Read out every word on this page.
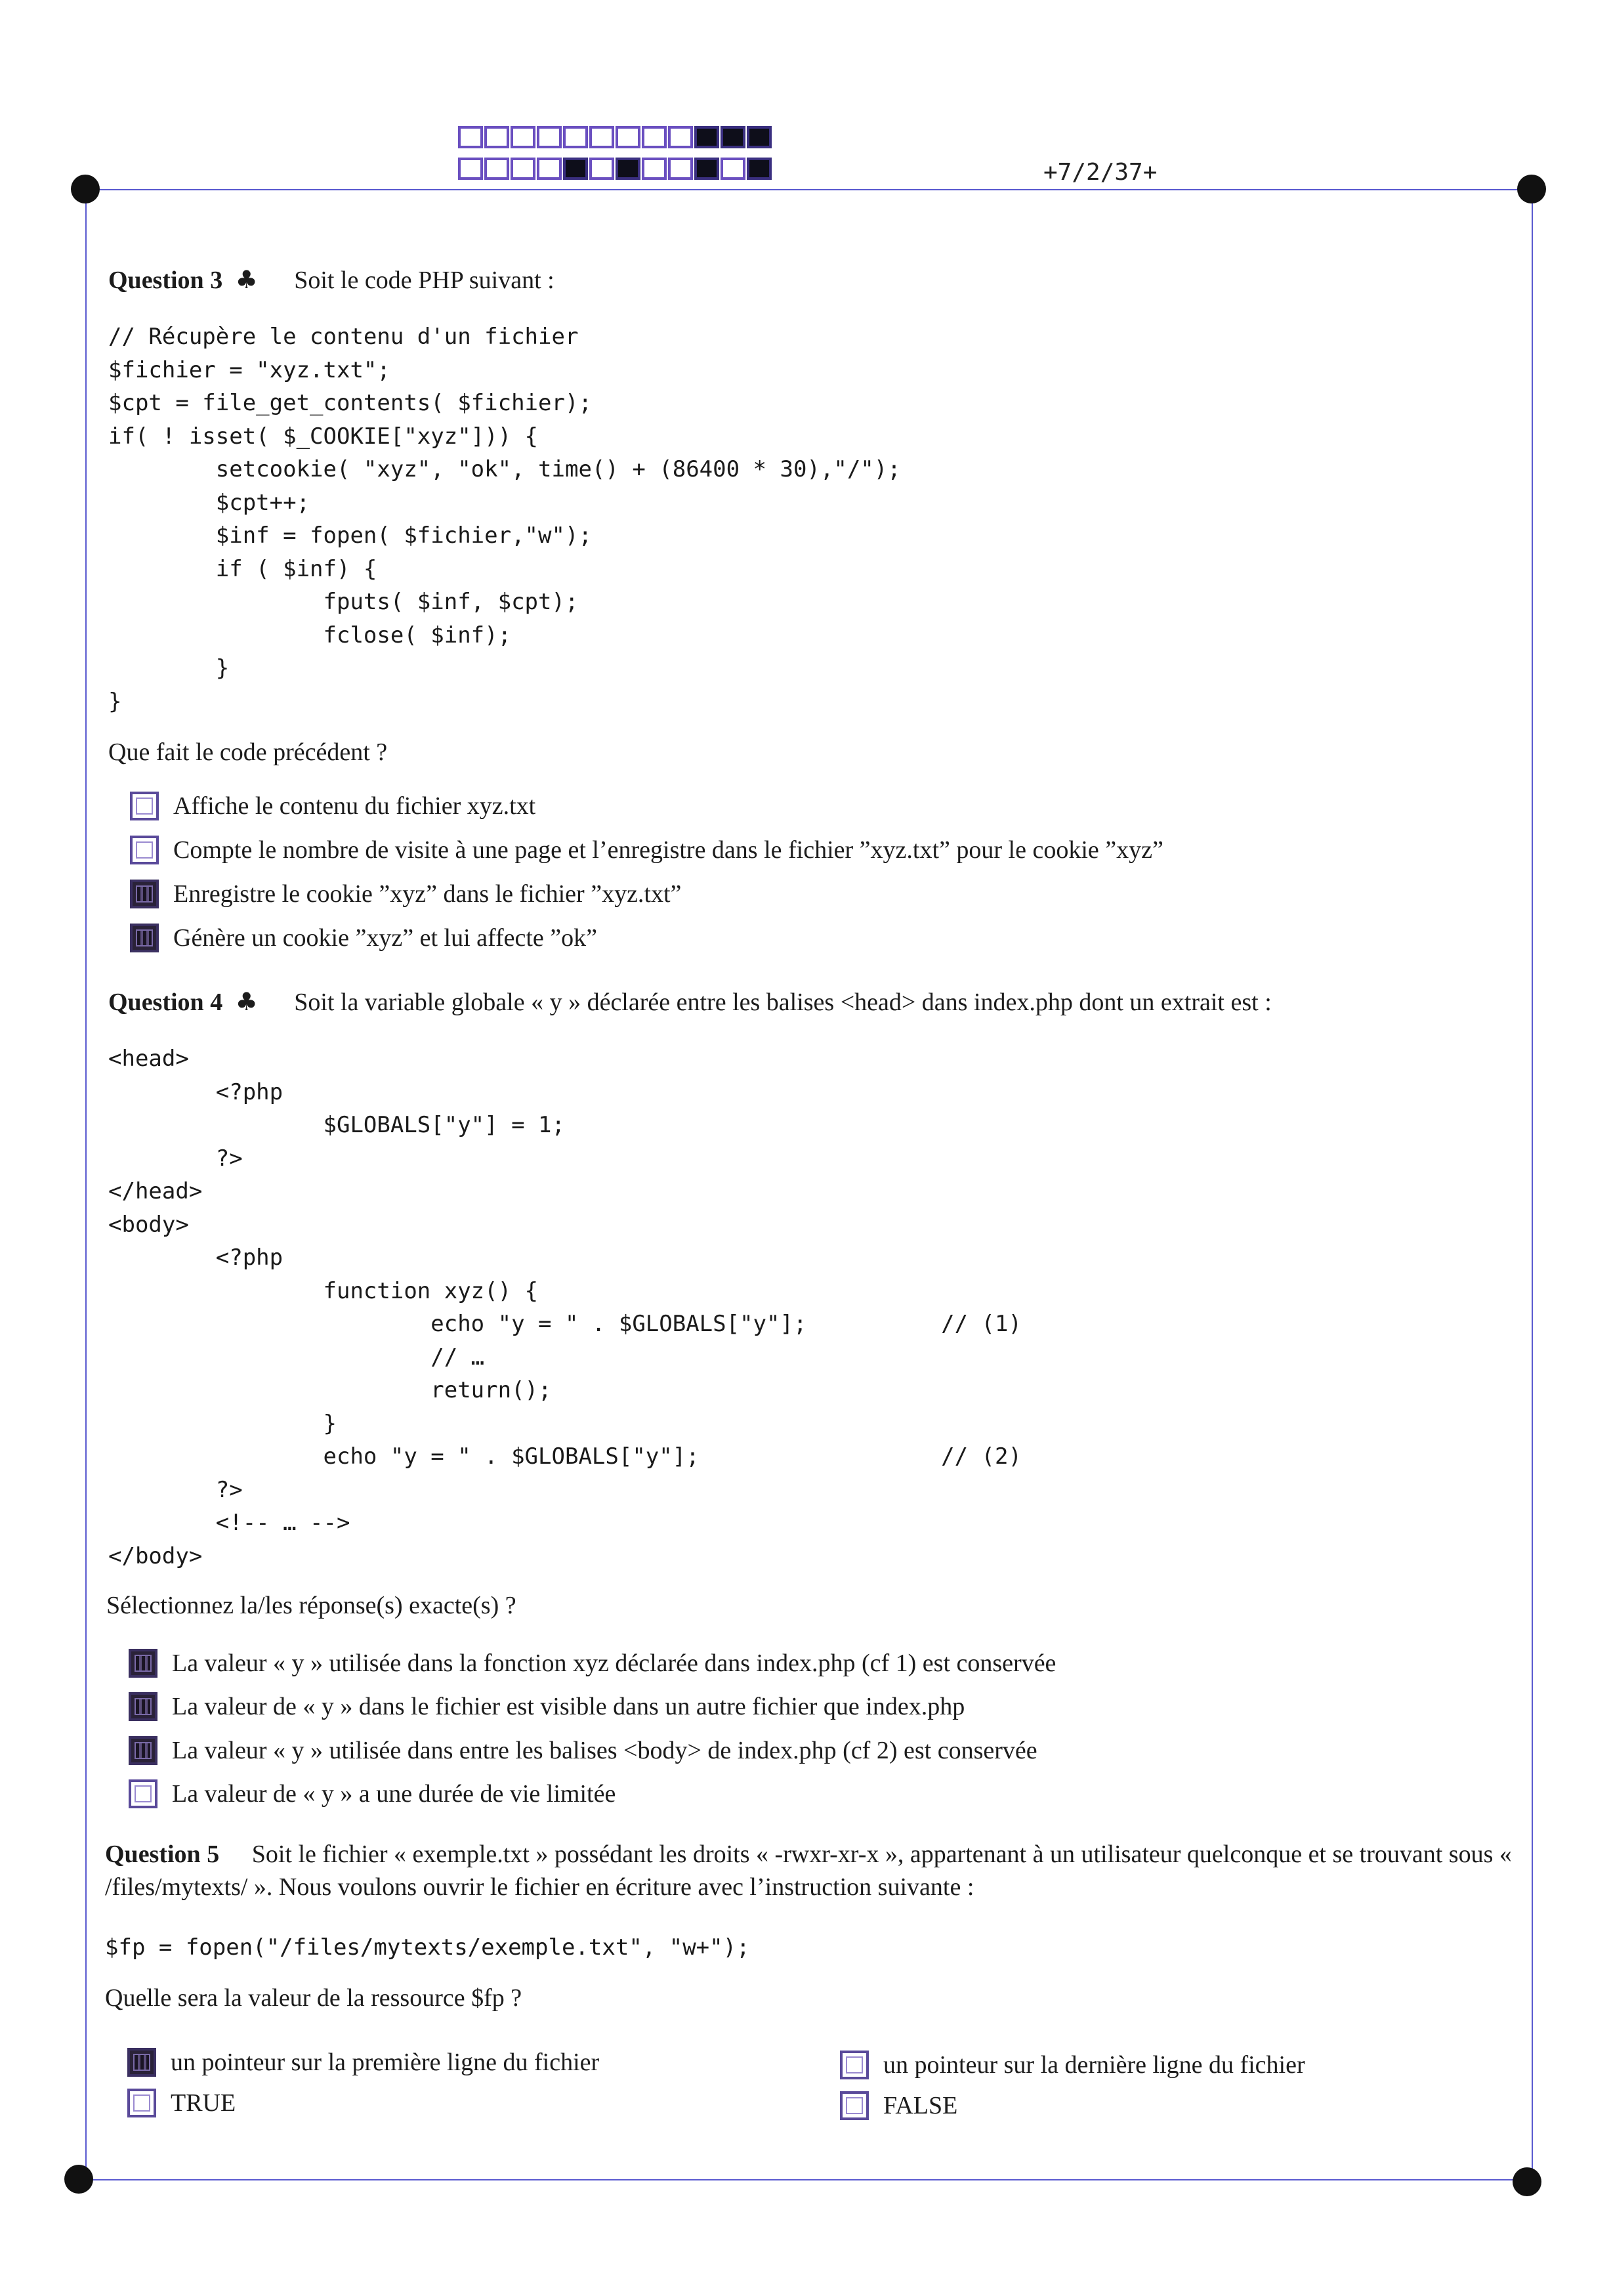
+7/2/37+
Question 3 ♣ Soit le code PHP suivant :
// Récupère le contenu d'un fichier
$fichier = "xyz.txt";
$cpt = file_get_contents( $fichier);
if( ! isset( $_COOKIE["xyz"])) {
setcookie( "xyz", "ok", time() + (86400 * 30),"/");
$cpt++;
$inf = fopen( $fichier,"w");
if ( $inf) {
fputs( $inf, $cpt);
fclose( $inf);
}
}
Que fait le code précédent ?
Affiche le contenu du fichier xyz.txt
Compte le nombre de visite à une page et l’enregistre dans le fichier ”xyz.txt” pour le cookie ”xyz”
Enregistre le cookie ”xyz” dans le fichier ”xyz.txt”
Génère un cookie ”xyz” et lui affecte ”ok”
Question 4 ♣ Soit la variable globale « y » déclarée entre les balises <head> dans index.php dont un extrait est :
<head>
<?php
$GLOBALS["y"] = 1;
?>
</head>
<body>
<?php
function xyz() {
echo "y = " . $GLOBALS["y"];          // (1)
// …
return();
}
echo "y = " . $GLOBALS["y"];                  // (2)
?>
<!-- … -->
</body>
Sélectionnez la/les réponse(s) exacte(s) ?
La valeur « y » utilisée dans la fonction xyz déclarée dans index.php (cf 1) est conservée
La valeur de « y » dans le fichier est visible dans un autre fichier que index.php
La valeur « y » utilisée dans entre les balises <body> de index.php (cf 2) est conservée
La valeur de « y » a une durée de vie limitée
Question 5 Soit le fichier « exemple.txt » possédant les droits « -rwxr-xr-x », appartenant à un utilisateur quelconque et se trouvant sous « /files/mytexts/ ». Nous voulons ouvrir le fichier en écriture avec l’instruction suivante :
$fp = fopen("/files/mytexts/exemple.txt", "w+");
Quelle sera la valeur de la ressource $fp ?
un pointeur sur la première ligne du fichier	un pointeur sur la dernière ligne du fichier
TRUE	FALSE
